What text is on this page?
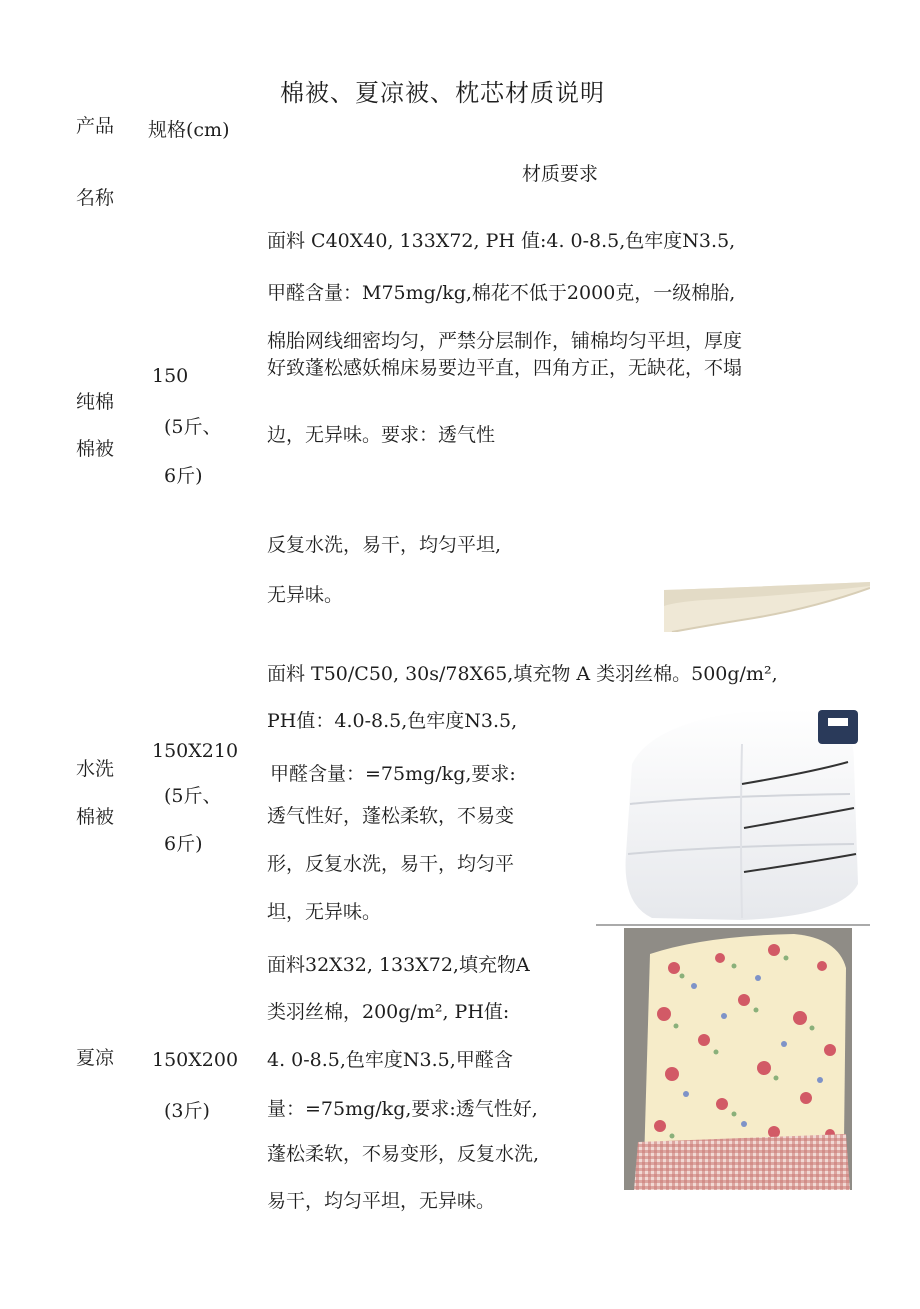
棉被、夏凉被、枕芯材质说明
产品
名称
规格(cm)
材质要求
纯棉
棉被
150
(5斤、
6斤)
面料 C40X40, 133X72, PH 值:4. 0-8.5,色牢度N3.5,
甲醛含量：M75mg/kg,棉花不低于2000克，一级棉胎,
棉胎网线细密均匀，严禁分层制作，铺棉均匀平坦，厚度
好致蓬松感妖棉床易要边平直，四角方正，无缺花，不塌
边，无异味。要求：透气性
反复水洗，易干，均匀平坦,
无异味。
水洗
棉被
150X210
(5斤、
6斤)
面料 T50/C50, 30s/78X65,填充物 A 类羽丝棉。500g/m²,
PH值：4.0-8.5,色牢度N3.5,
甲醛含量：=75mg/kg,要求:
透气性好，蓬松柔软，不易变
形，反复水洗，易干，均匀平
坦，无异味。
夏凉 150X200
(3斤)
面料32X32, 133X72,填充物A
类羽丝棉，200g/m², PH值:
4. 0-8.5,色牢度N3.5,甲醛含
量：=75mg/kg,要求:透气性好,
蓬松柔软，不易变形，反复水洗,
易干，均匀平坦，无异味。
